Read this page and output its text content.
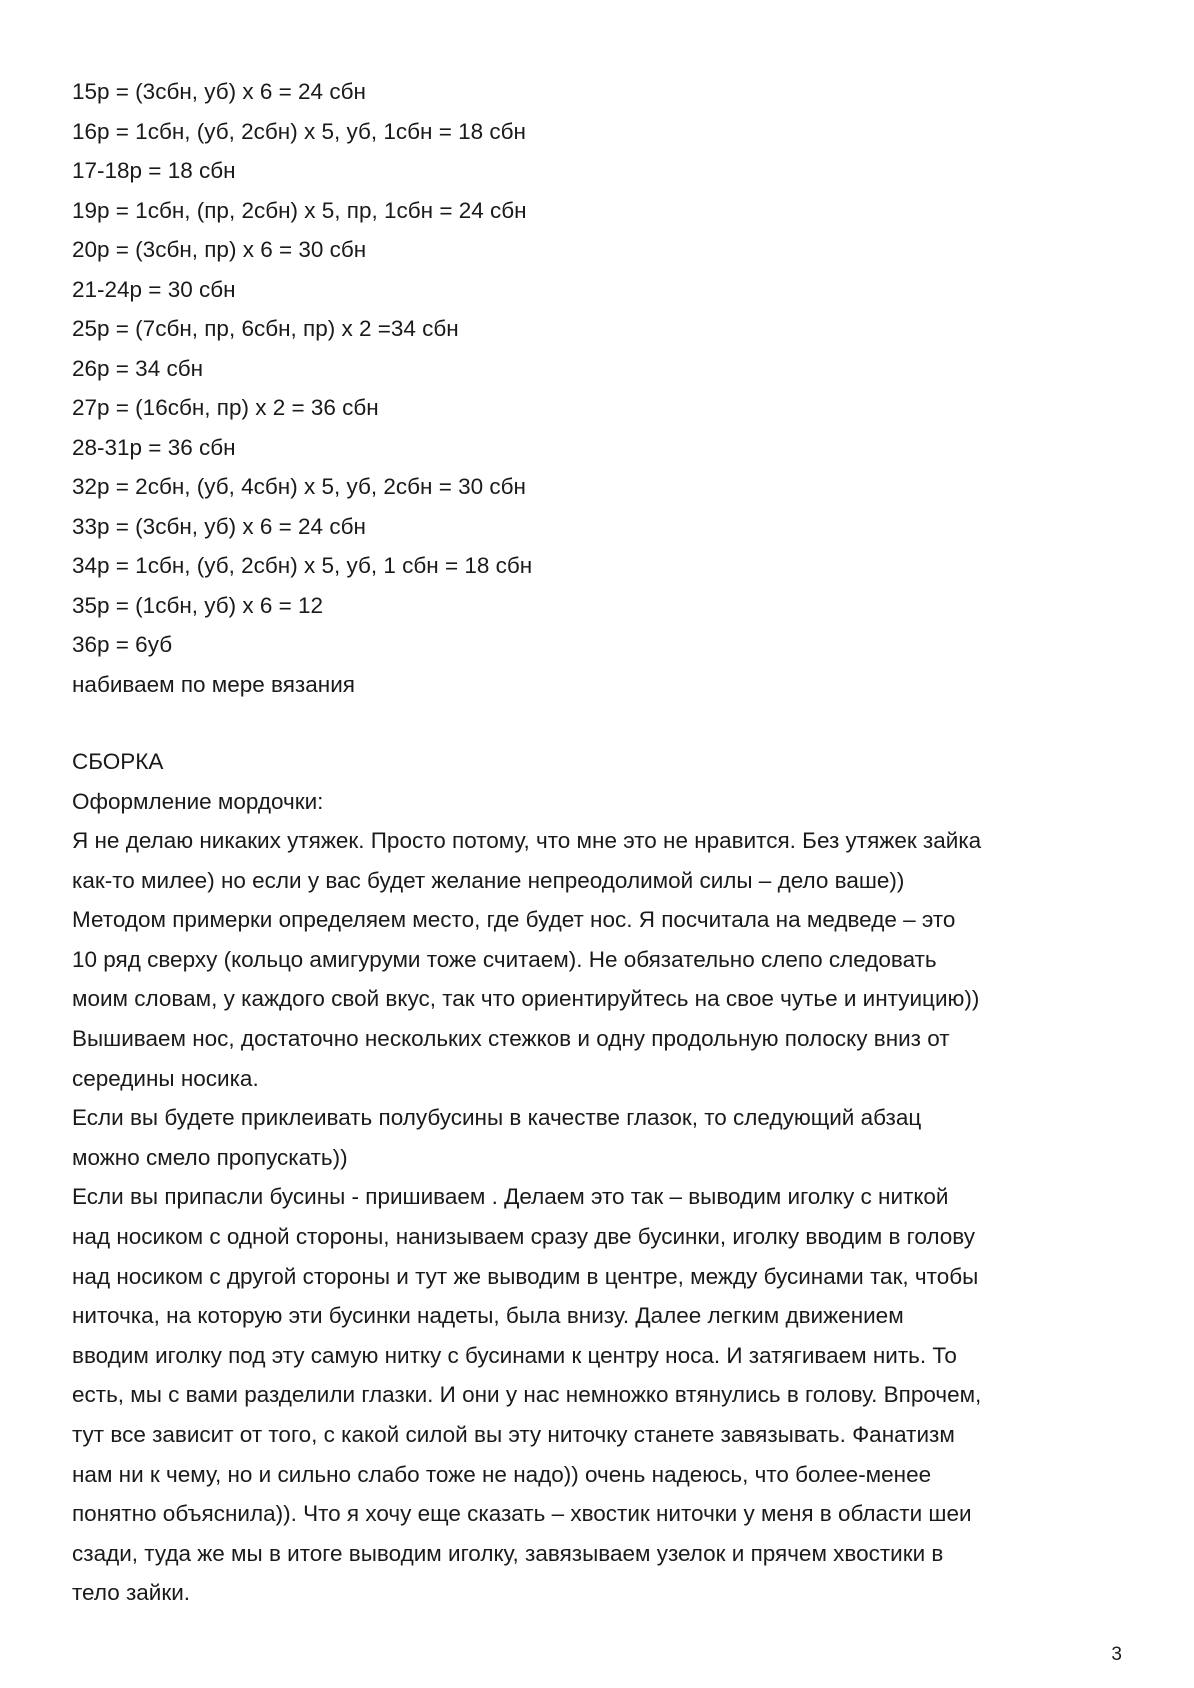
15р = (3сбн, уб) х 6 = 24 сбн
16р = 1сбн, (уб, 2сбн) х 5, уб, 1сбн = 18 сбн
17-18р = 18 сбн
19р = 1сбн, (пр, 2сбн) х 5, пр, 1сбн = 24 сбн
20р = (3сбн, пр) х 6 = 30 сбн
21-24р = 30 сбн
25р = (7сбн, пр, 6сбн, пр) х 2 =34 сбн
26р = 34 сбн
27р = (16сбн, пр) х 2 = 36 сбн
28-31р = 36 сбн
32р = 2сбн, (уб, 4сбн) х 5, уб, 2сбн = 30 сбн
33р = (3сбн, уб) х 6 = 24 сбн
34р = 1сбн, (уб, 2сбн) х 5, уб, 1 сбн = 18 сбн
35р = (1сбн, уб) х 6 = 12
36р = 6уб
набиваем по мере вязания
СБОРКА
Оформление мордочки:
Я не делаю никаких утяжек. Просто потому, что мне это не нравится. Без утяжек зайка
как-то милее) но если у вас будет желание непреодолимой силы – дело ваше))
Методом примерки определяем место, где будет нос. Я посчитала на медведе – это
10 ряд сверху (кольцо амигуруми тоже считаем). Не обязательно слепо следовать
моим словам, у каждого свой вкус, так что ориентируйтесь на свое чутье и интуицию))
Вышиваем нос, достаточно нескольких стежков и одну продольную полоску вниз от
середины носика.
Если вы будете приклеивать полубусины в качестве глазок, то следующий абзац
можно смело пропускать))
Если вы припасли бусины - пришиваем . Делаем это так – выводим иголку с ниткой
над носиком с одной стороны, нанизываем сразу две бусинки, иголку вводим в голову
над носиком с другой стороны и тут же выводим в центре, между бусинами так, чтобы
ниточка, на которую эти бусинки надеты, была внизу. Далее легким движением
вводим иголку под эту самую нитку с бусинами к центру носа. И затягиваем нить. То
есть, мы с вами разделили глазки. И они у нас немножко втянулись в голову. Впрочем,
тут все зависит от того, с какой силой вы эту ниточку станете завязывать. Фанатизм
нам ни к чему, но и сильно слабо тоже не надо)) очень надеюсь, что более-менее
понятно объяснила)). Что я хочу еще сказать – хвостик ниточки у меня в области шеи
сзади, туда же мы в итоге выводим иголку, завязываем узелок и прячем хвостики в
тело зайки.
3
